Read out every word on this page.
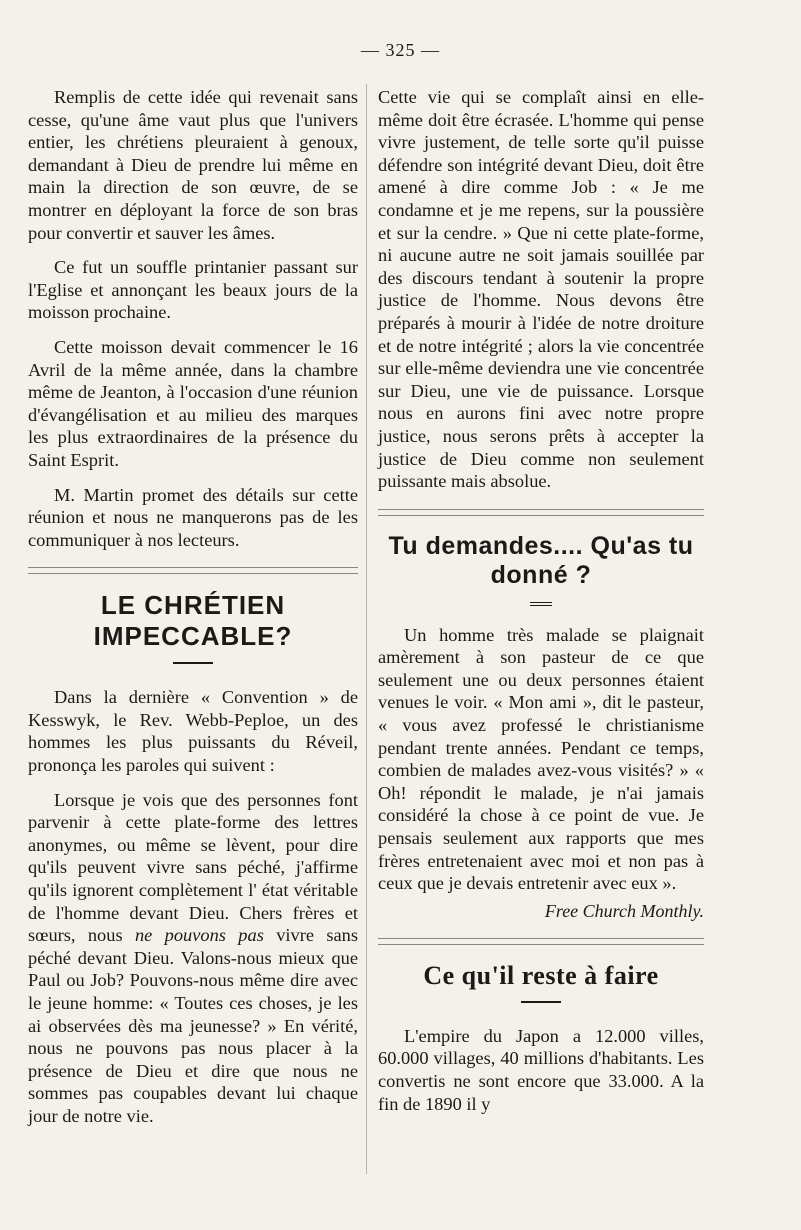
— 325 —

Remplis de cette idée qui revenait sans cesse, qu'une âme vaut plus que l'univers entier, les chrétiens pleuraient à genoux, demandant à Dieu de prendre lui même en main la direction de son œuvre, de se montrer en déployant la force de son bras pour convertir et sauver les âmes.

Ce fut un souffle printanier passant sur l'Eglise et annonçant les beaux jours de la moisson prochaine.

Cette moisson devait commencer le 16 Avril de la même année, dans la chambre même de Jeanton, à l'occasion d'une réunion d'évangélisation et au milieu des marques les plus extraordinaires de la présence du Saint Esprit.

M. Martin promet des détails sur cette réunion et nous ne manquerons pas de les communiquer à nos lecteurs.

LE CHRÉTIEN IMPECCABLE?

Dans la dernière « Convention » de Kesswyk, le Rev. Webb-Peploe, un des hommes les plus puissants du Réveil, prononça les paroles qui suivent :

Lorsque je vois que des personnes font parvenir à cette plate-forme des lettres anonymes, ou même se lèvent, pour dire qu'ils peuvent vivre sans péché, j'affirme qu'ils ignorent complètement l' état véritable de l'homme devant Dieu. Chers frères et sœurs, nous ne pouvons pas vivre sans péché devant Dieu. Valons-nous mieux que Paul ou Job? Pouvons-nous même dire avec le jeune homme: « Toutes ces choses, je les ai observées dès ma jeunesse? » En vérité, nous ne pouvons pas nous placer à la présence de Dieu et dire que nous ne sommes pas coupables devant lui chaque jour de notre vie.

Cette vie qui se complaît ainsi en elle-même doit être écrasée. L'homme qui pense vivre justement, de telle sorte qu'il puisse défendre son intégrité devant Dieu, doit être amené à dire comme Job : « Je me condamne et je me repens, sur la poussière et sur la cendre. » Que ni cette plate-forme, ni aucune autre ne soit jamais souillée par des discours tendant à soutenir la propre justice de l'homme. Nous devons être préparés à mourir à l'idée de notre droiture et de notre intégrité ; alors la vie concentrée sur elle-même deviendra une vie concentrée sur Dieu, une vie de puissance. Lorsque nous en aurons fini avec notre propre justice, nous serons prêts à accepter la justice de Dieu comme non seulement puissante mais absolue.

Tu demandes.... Qu'as tu donné ?

Un homme très malade se plaignait amèrement à son pasteur de ce que seulement une ou deux personnes étaient venues le voir. « Mon ami », dit le pasteur, « vous avez professé le christianisme pendant trente années. Pendant ce temps, combien de malades avez-vous visités? » « Oh! répondit le malade, je n'ai jamais considéré la chose à ce point de vue. Je pensais seulement aux rapports que mes frères entretenaient avec moi et non pas à ceux que je devais entretenir avec eux ».

Free Church Monthly.

Ce qu'il reste à faire

L'empire du Japon a 12.000 villes, 60.000 villages, 40 millions d'habitants. Les convertis ne sont encore que 33.000. A la fin de 1890 il y
